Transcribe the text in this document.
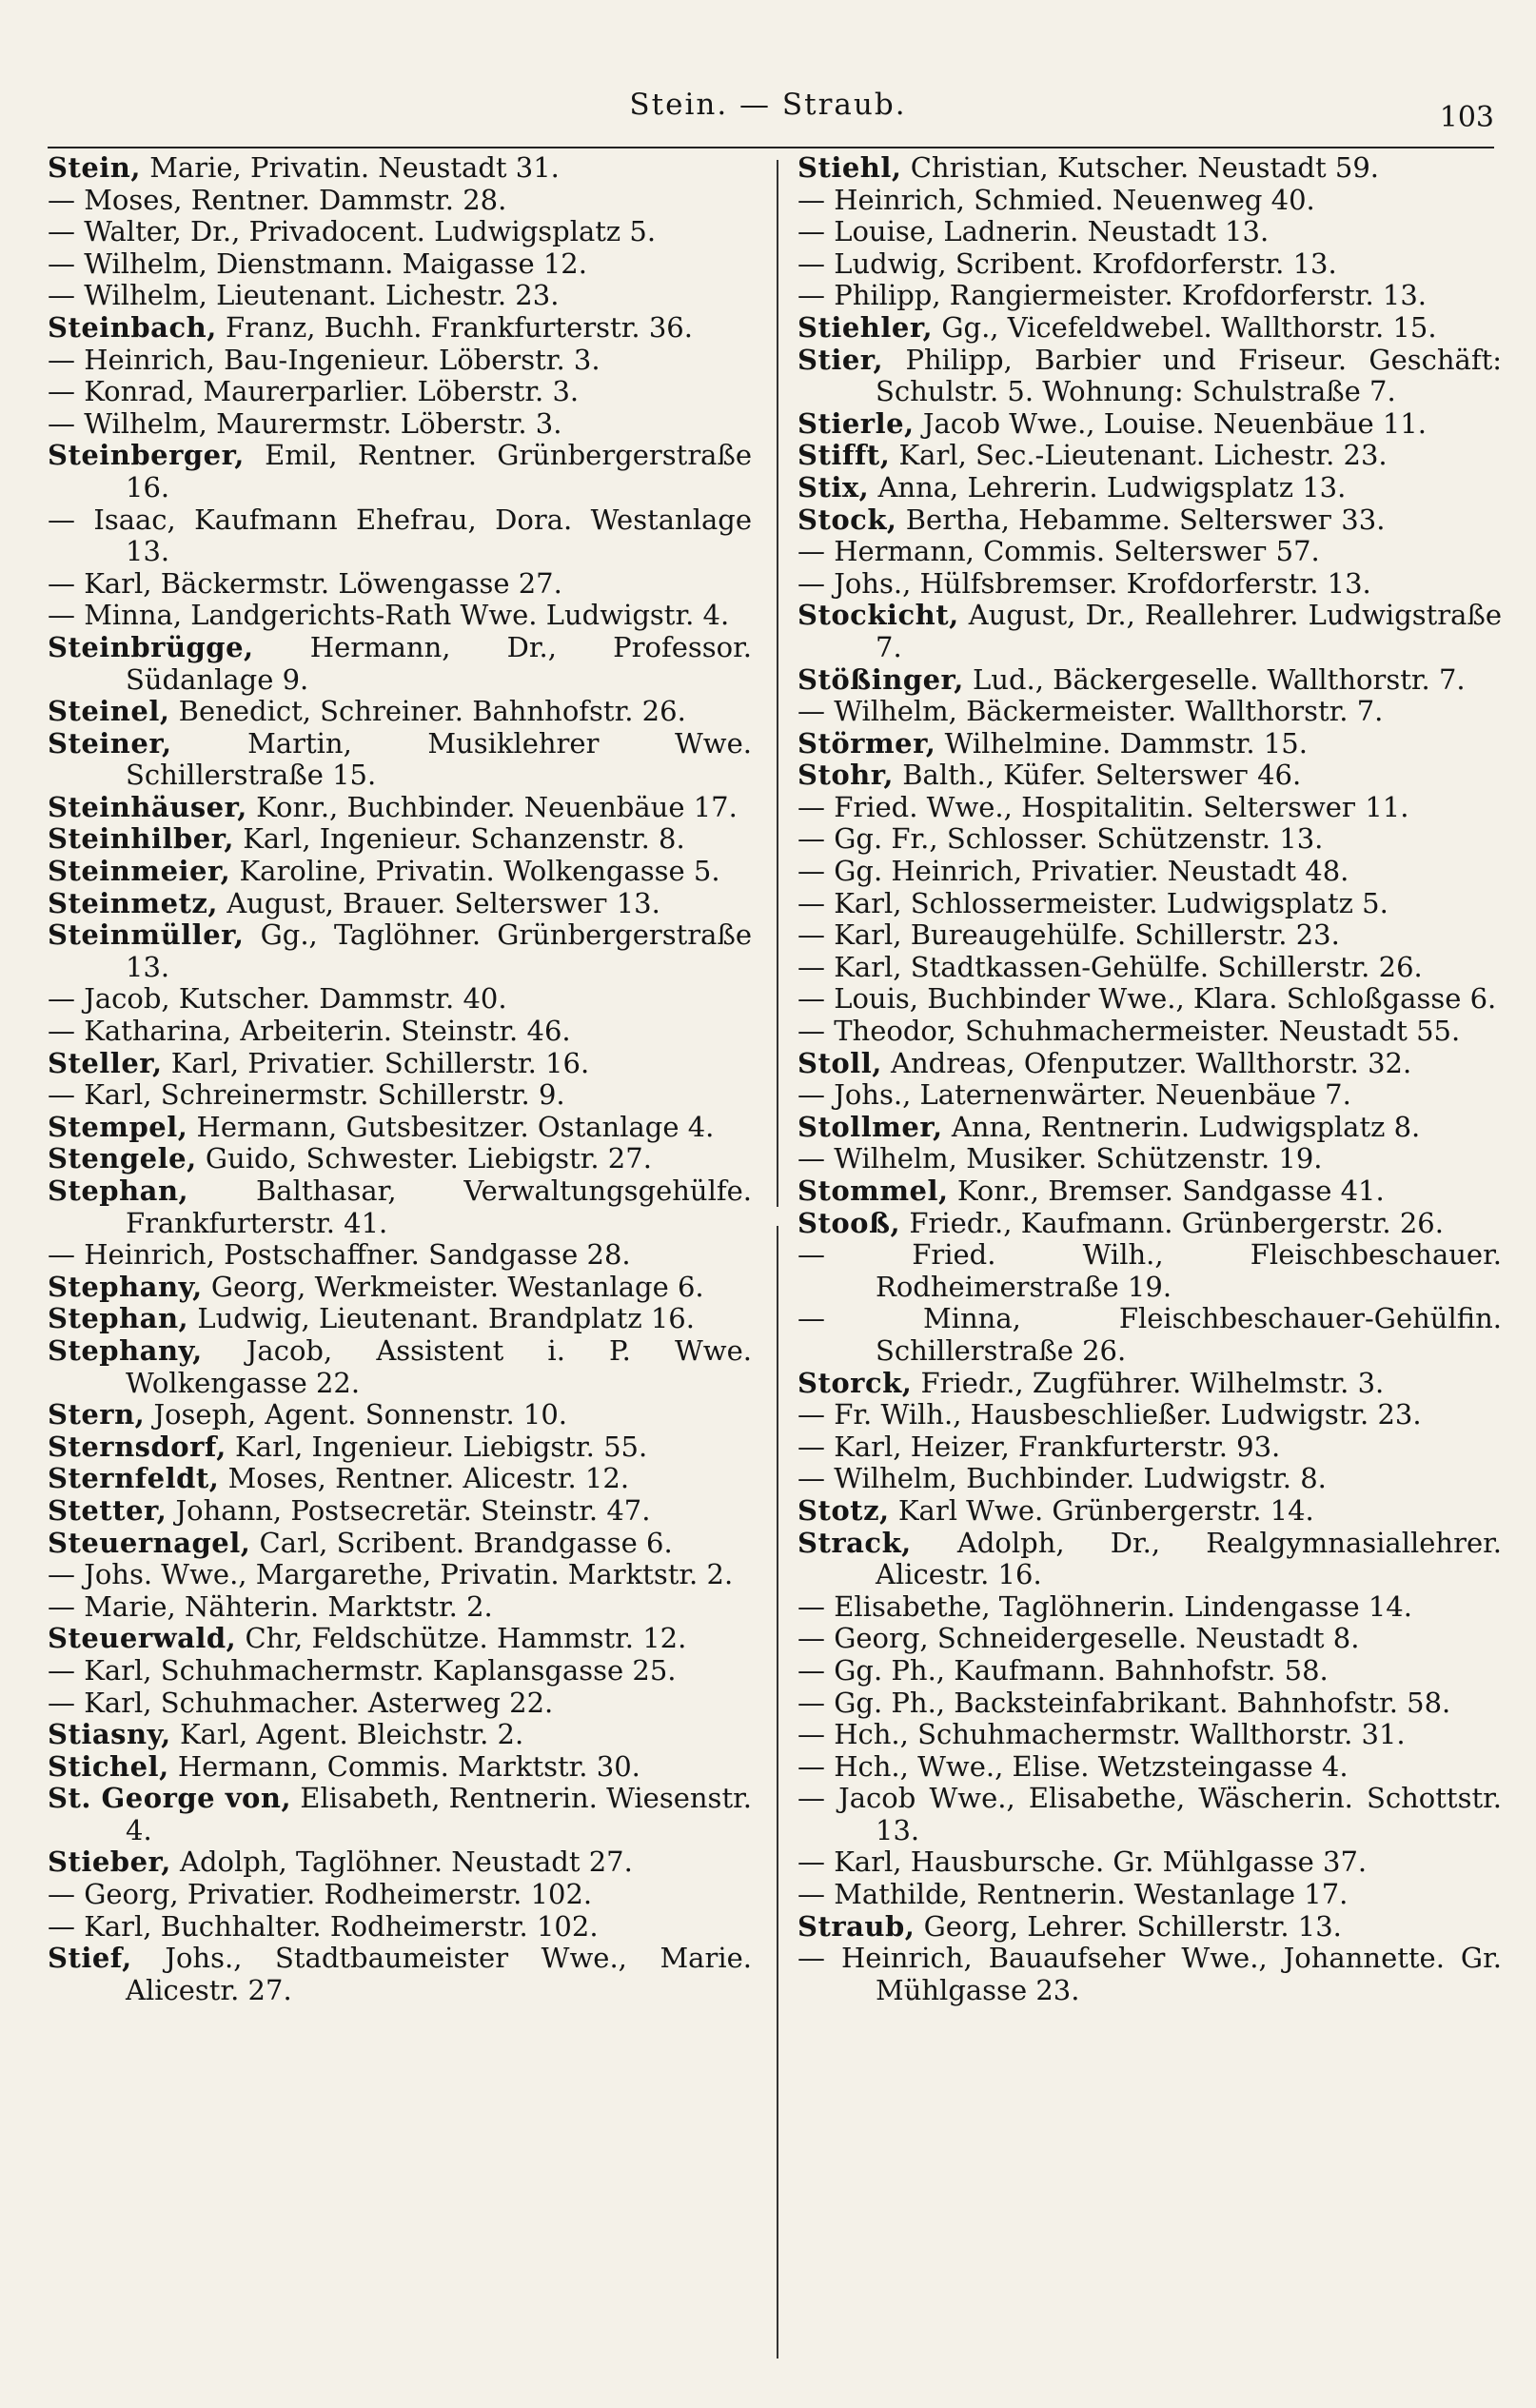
Stein. — Straub.	103
Stein, Marie, Privatin. Neustadt 31.
— Moses, Rentner. Dammstr. 28.
— Walter, Dr., Privadocent. Ludwigsplatz 5.
— Wilhelm, Dienstmann. Maigasse 12.
— Wilhelm, Lieutenant. Lichestr. 23.
Steinbach, Franz, Buchh. Frankfurterstr. 36.
— Heinrich, Bau-Ingenieur. Löberstr. 3.
— Konrad, Maurerparlier. Löberstr. 3.
— Wilhelm, Maurermstr. Löberstr. 3.
Steinberger, Emil, Rentner. Grünbergerstraße 16.
— Isaac, Kaufmann Ehefrau, Dora. Westanlage 13.
— Karl, Bäckermstr. Löwengasse 27.
— Minna, Landgerichts-Rath Wwe. Ludwigstr. 4.
Steinbrügge, Hermann, Dr., Professor. Südanlage 9.
Steinel, Benedict, Schreiner. Bahnhofstr. 26.
Steiner, Martin, Musiklehrer Wwe. Schillerstraße 15.
Steinhäuser, Konr., Buchbinder. Neuenbäue 17.
Steinhilber, Karl, Ingenieur. Schanzenstr. 8.
Steinmeier, Karoline, Privatin. Wolkengasse 5.
Steinmetz, August, Brauer. Selterswег 13.
Steinmüller, Gg., Taglöhner. Grünbergerstraße 13.
— Jacob, Kutscher. Dammstr. 40.
— Katharina, Arbeiterin. Steinstr. 46.
Steller, Karl, Privatier. Schillerstr. 16.
— Karl, Schreinermstr. Schillerstr. 9.
Stempel, Hermann, Gutsbesitzer. Ostanlage 4.
Stengele, Guido, Schwester. Liebigstr. 27.
Stephan, Balthasar, Verwaltungsgehülfe. Frankfurterstr. 41.
— Heinrich, Postschaffner. Sandgasse 28.
Stephany, Georg, Werkmeister. Westanlage 6.
Stephan, Ludwig, Lieutenant. Brandplatz 16.
Stephany, Jacob, Assistent i. P. Wwe. Wolkengasse 22.
Stern, Joseph, Agent. Sonnenstr. 10.
Sternsdorf, Karl, Ingenieur. Liebigstr. 55.
Sternfeldt, Moses, Rentner. Alicestr. 12.
Stetter, Johann, Postsecretär. Steinstr. 47.
Steuernagel, Carl, Scribent. Brandgasse 6.
— Johs. Wwe., Margarethe, Privatin. Marktstr. 2.
— Marie, Nähterin. Marktstr. 2.
Steuerwald, Chr, Feldschütze. Hammstr. 12.
— Karl, Schuhmachermstr. Kaplansgasse 25.
— Karl, Schuhmacher. Asterweg 22.
Stiasny, Karl, Agent. Bleichstr. 2.
Stichel, Hermann, Commis. Marktstr. 30.
St. George von, Elisabeth, Rentnerin. Wiesenstr. 4.
Stieber, Adolph, Taglöhner. Neustadt 27.
— Georg, Privatier. Rodheimerstr. 102.
— Karl, Buchhalter. Rodheimerstr. 102.
Stief, Johs., Stadtbaumeister Wwe., Marie. Alicestr. 27.
Stiehl, Christian, Kutscher. Neustadt 59.
— Heinrich, Schmied. Neuenweg 40.
— Louise, Ladnerin. Neustadt 13.
— Ludwig, Scribent. Krofdorferstr. 13.
— Philipp, Rangiermeister. Krofdorferstr. 13.
Stiehler, Gg., Vicefeldwebel. Wallthorstr. 15.
Stier, Philipp, Barbier und Friseur. Geschäft: Schulstr. 5. Wohnung: Schulstraße 7.
Stierle, Jacob Wwe., Louise. Neuenbäue 11.
Stifft, Karl, Sec.-Lieutenant. Lichestr. 23.
Stix, Anna, Lehrerin. Ludwigsplatz 13.
Stock, Bertha, Hebamme. Selterswег 33.
— Hermann, Commis. Selterswег 57.
— Johs., Hülfsbremser. Krofdorferstr. 13.
Stockicht, August, Dr., Reallehrer. Ludwigstraße 7.
Stößinger, Lud., Bäckergeselle. Wallthorstr. 7.
— Wilhelm, Bäckermeister. Wallthorstr. 7.
Störmer, Wilhelmine. Dammstr. 15.
Stohr, Balth., Küfer. Selterswег 46.
— Fried. Wwe., Hospitalitin. Selterswег 11.
— Gg. Fr., Schlosser. Schützenstr. 13.
— Gg. Heinrich, Privatier. Neustadt 48.
— Karl, Schlossermeister. Ludwigsplatz 5.
— Karl, Bureaugehülfe. Schillerstr. 23.
— Karl, Stadtkassen-Gehülfe. Schillerstr. 26.
— Louis, Buchbinder Wwe., Klara. Schloßgasse 6.
— Theodor, Schuhmachermeister. Neustadt 55.
Stoll, Andreas, Ofenputzer. Wallthorstr. 32.
— Johs., Laternenwärter. Neuenbäue 7.
Stollmer, Anna, Rentnerin. Ludwigsplatz 8.
— Wilhelm, Musiker. Schützenstr. 19.
Stommel, Konr., Bremser. Sandgasse 41.
Stooß, Friedr., Kaufmann. Grünbergerstr. 26.
— Fried. Wilh., Fleischbeschauer. Rodheimerstraße 19.
— Minna, Fleischbeschauer-Gehülfin. Schillerstraße 26.
Storck, Friedr., Zugführer. Wilhelmstr. 3.
— Fr. Wilh., Hausbeschließer. Ludwigstr. 23.
— Karl, Heizer, Frankfurterstr. 93.
— Wilhelm, Buchbinder. Ludwigstr. 8.
Stotz, Karl Wwe. Grünbergerstr. 14.
Strack, Adolph, Dr., Realgymnasiallehrer. Alicestr. 16.
— Elisabethe, Taglöhnerin. Lindengasse 14.
— Georg, Schneidergeselle. Neustadt 8.
— Gg. Ph., Kaufmann. Bahnhofstr. 58.
— Gg. Ph., Backsteinfabrikant. Bahnhofstr. 58.
— Hch., Schuhmachermstr. Wallthorstr. 31.
— Hch., Wwe., Elise. Wetzsteingasse 4.
— Jacob Wwe., Elisabethe, Wäscherin. Schottstr. 13.
— Karl, Hausbursche. Gr. Mühlgasse 37.
— Mathilde, Rentnerin. Westanlage 17.
Straub, Georg, Lehrer. Schillerstr. 13.
— Heinrich, Bauaufseher Wwe., Johannette. Gr. Mühlgasse 23.
